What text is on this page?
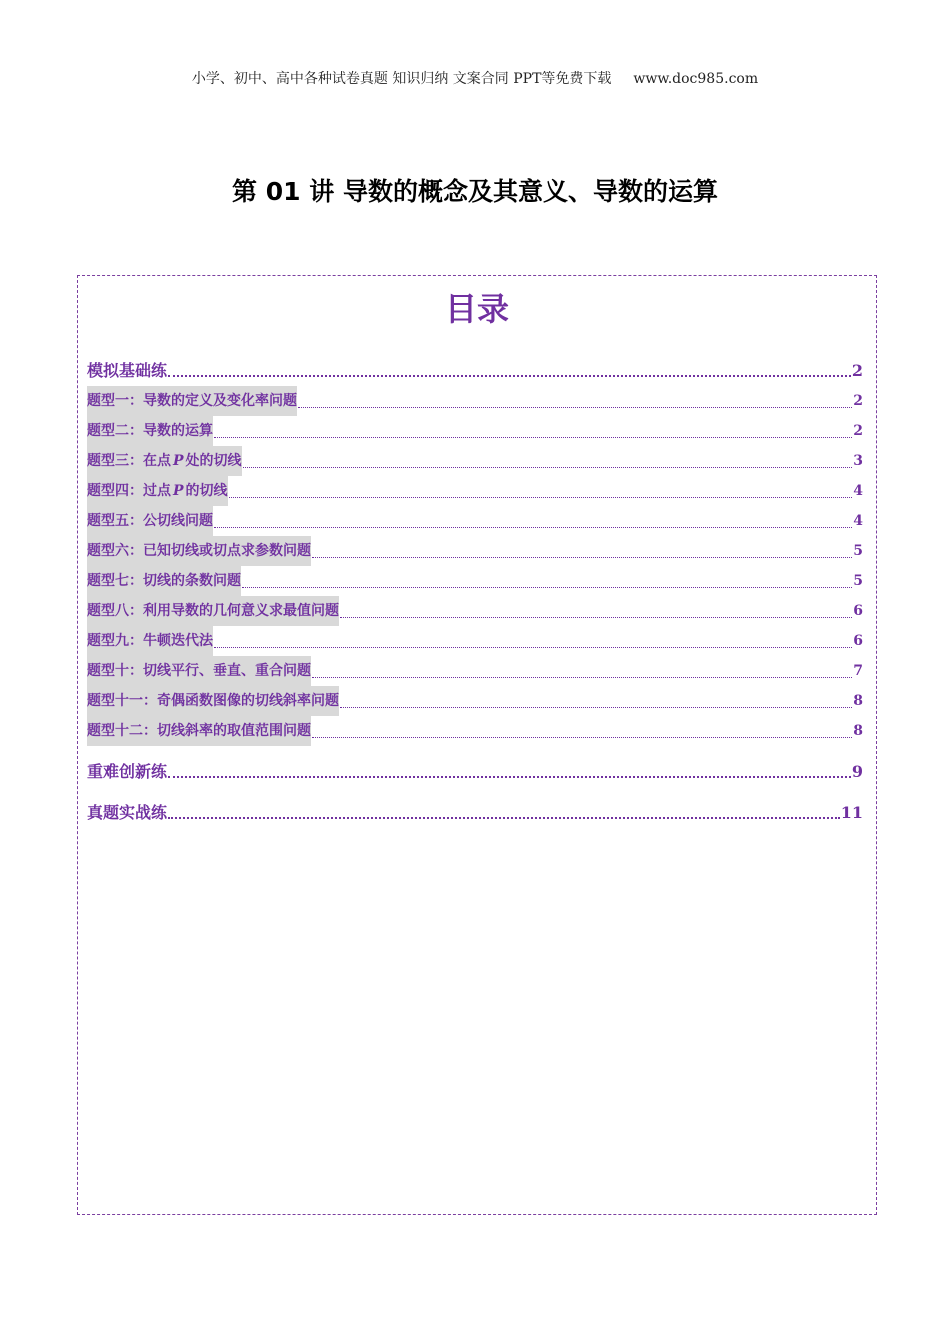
小学、初中、高中各种试卷真题 知识归纳 文案合同 PPT等免费下载 www.doc985.com
第 01 讲 导数的概念及其意义、导数的运算
目录
模拟基础练	2
题型一：导数的定义及变化率问题	2
题型二：导数的运算	2
题型三：在点 P 处的切线	3
题型四：过点 P 的切线	4
题型五：公切线问题	4
题型六：已知切线或切点求参数问题	5
题型七：切线的条数问题	5
题型八：利用导数的几何意义求最值问题	6
题型九：牛顿迭代法	6
题型十：切线平行、垂直、重合问题	7
题型十一：奇偶函数图像的切线斜率问题	8
题型十二：切线斜率的取值范围问题	8
重难创新练	9
真题实战练	11
